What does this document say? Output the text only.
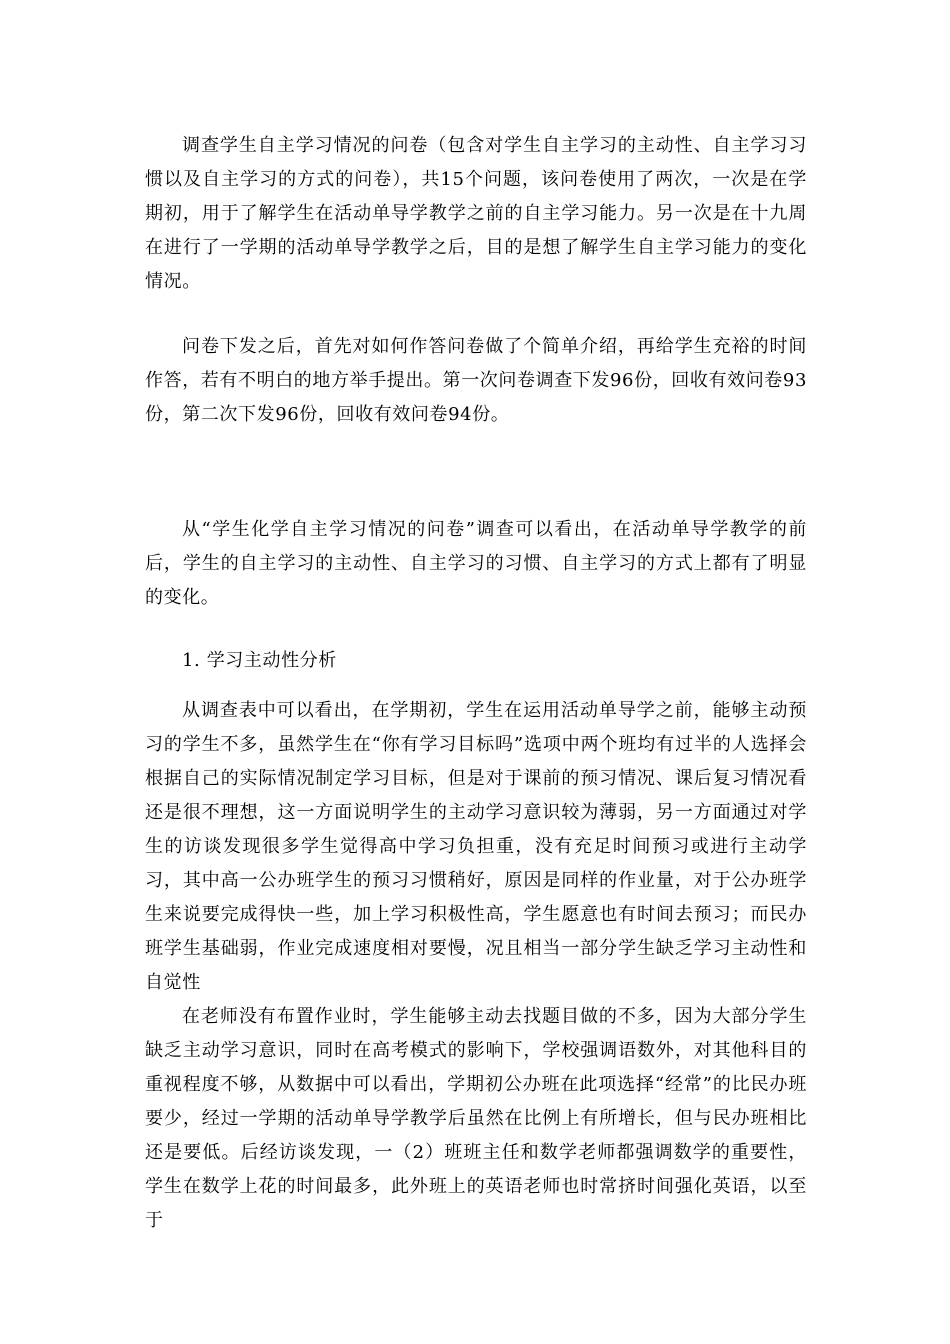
调查学生自主学习情况的问卷（包含对学生自主学习的主动性、自主学习习惯以及自主学习的方式的问卷），共15个问题，该问卷使用了两次，一次是在学期初，用于了解学生在活动单导学教学之前的自主学习能力。另一次是在十九周在进行了一学期的活动单导学教学之后，目的是想了解学生自主学习能力的变化情况。

问卷下发之后，首先对如何作答问卷做了个简单介绍，再给学生充裕的时间作答，若有不明白的地方举手提出。第一次问卷调查下发96份，回收有效问卷93份，第二次下发96份，回收有效问卷94份。

从“学生化学自主学习情况的问卷”调查可以看出，在活动单导学教学的前后，学生的自主学习的主动性、自主学习的习惯、自主学习的方式上都有了明显的变化。

1. 学习主动性分析

从调查表中可以看出，在学期初，学生在运用活动单导学之前，能够主动预习的学生不多，虽然学生在“你有学习目标吗”选项中两个班均有过半的人选择会根据自己的实际情况制定学习目标，但是对于课前的预习情况、课后复习情况看还是很不理想，这一方面说明学生的主动学习意识较为薄弱，另一方面通过对学生的访谈发现很多学生觉得高中学习负担重，没有充足时间预习或进行主动学习，其中高一公办班学生的预习习惯稍好，原因是同样的作业量，对于公办班学生来说要完成得快一些，加上学习积极性高，学生愿意也有时间去预习；而民办班学生基础弱，作业完成速度相对要慢，况且相当一部分学生缺乏学习主动性和自觉性

在老师没有布置作业时，学生能够主动去找题目做的不多，因为大部分学生缺乏主动学习意识，同时在高考模式的影响下，学校强调语数外，对其他科目的重视程度不够，从数据中可以看出，学期初公办班在此项选择“经常”的比民办班要少，经过一学期的活动单导学教学后虽然在比例上有所增长，但与民办班相比还是要低。后经访谈发现，一（2）班班主任和数学老师都强调数学的重要性，学生在数学上花的时间最多，此外班上的英语老师也时常挤时间强化英语，以至于
